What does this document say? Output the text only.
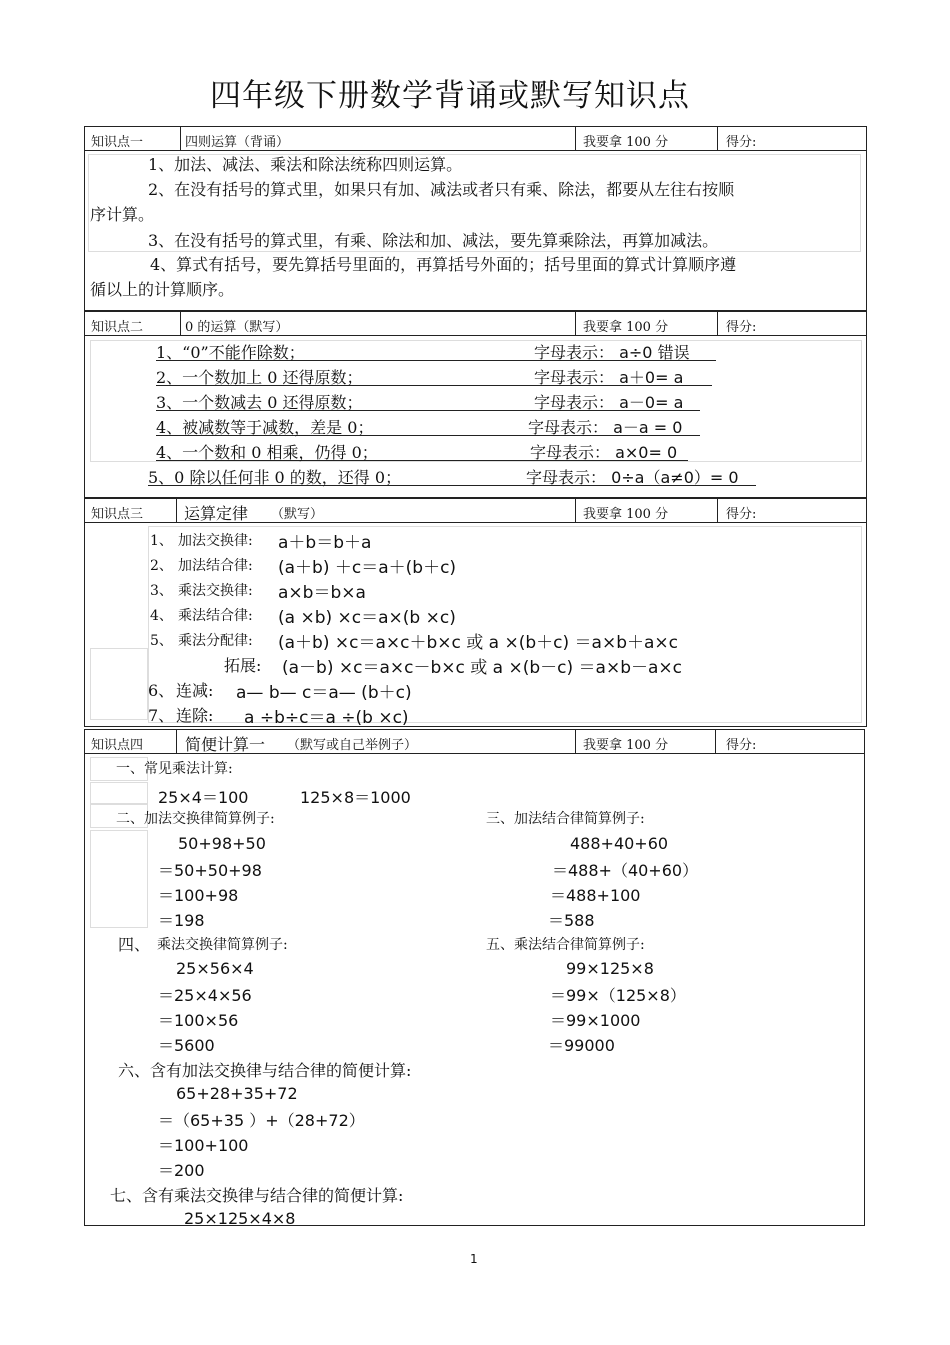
四年级下册数学背诵或默写知识点
知识点一	四则运算（背诵）	我要拿 100 分	得分:
1、加法、减法、乘法和除法统称四则运算。
2、在没有括号的算式里，如果只有加、减法或者只有乘、除法，都要从左往右按顺
序计算。
3、在没有括号的算式里，有乘、除法和加、减法，要先算乘除法，再算加减法。
4、算式有括号，要先算括号里面的，再算括号外面的；括号里面的算式计算顺序遵
循以上的计算顺序。
知识点二	0 的运算（默写）	我要拿 100 分	得分:
1、“0”不能作除数；	字母表示： a÷0 错误
2、一个数加上 0 还得原数；	字母表示： a＋0= a
3、一个数减去 0 还得原数；	字母表示： a－0= a
4、被减数等于减数，差是 0；	字母表示： a－a = 0
4、一个数和 0 相乘，仍得 0；	字母表示： a×0= 0
5、0 除以任何非 0 的数，还得 0；	字母表示： 0÷a（a≠0）= 0
知识点三	运算定律 （默写）	我要拿 100 分	得分:
1、 加法交换律: a＋b＝b＋a
2、 加法结合律: (a＋b) ＋c＝a＋(b＋c)
3、 乘法交换律: a×b＝b×a
4、 乘法结合律: (a ×b) ×c＝a×(b ×c)
5、 乘法分配律: (a＋b) ×c＝a×c＋b×c 或 a ×(b＋c) ＝a×b＋a×c
拓展: (a－b) ×c＝a×c－b×c 或 a ×(b－c) ＝a×b－a×c
6、 连减: a— b— c＝a— (b＋c)
7、 连除: a ÷b÷c＝a ÷(b ×c)
知识点四	简便计算一 （默写或自己举例子）	我要拿 100 分	得分:
一、常见乘法计算:
25×4＝100	125×8＝1000
二、加法交换律简算例子:	三、加法结合律简算例子:
50+98+50
＝50+50+98
＝100+98
＝198
488+40+60
＝488+（40+60）
＝488+100
＝588
四、 乘法交换律简算例子:	五、乘法结合律简算例子:
25×56×4
＝25×4×56
＝100×56
＝5600
99×125×8
＝99×（125×8）
＝99×1000
＝99000
六、含有加法交换律与结合律的简便计算:
65+28+35+72
＝（65+35 ）+（28+72）
＝100+100
＝200
七、含有乘法交换律与结合律的简便计算:
25×125×4×8
1
